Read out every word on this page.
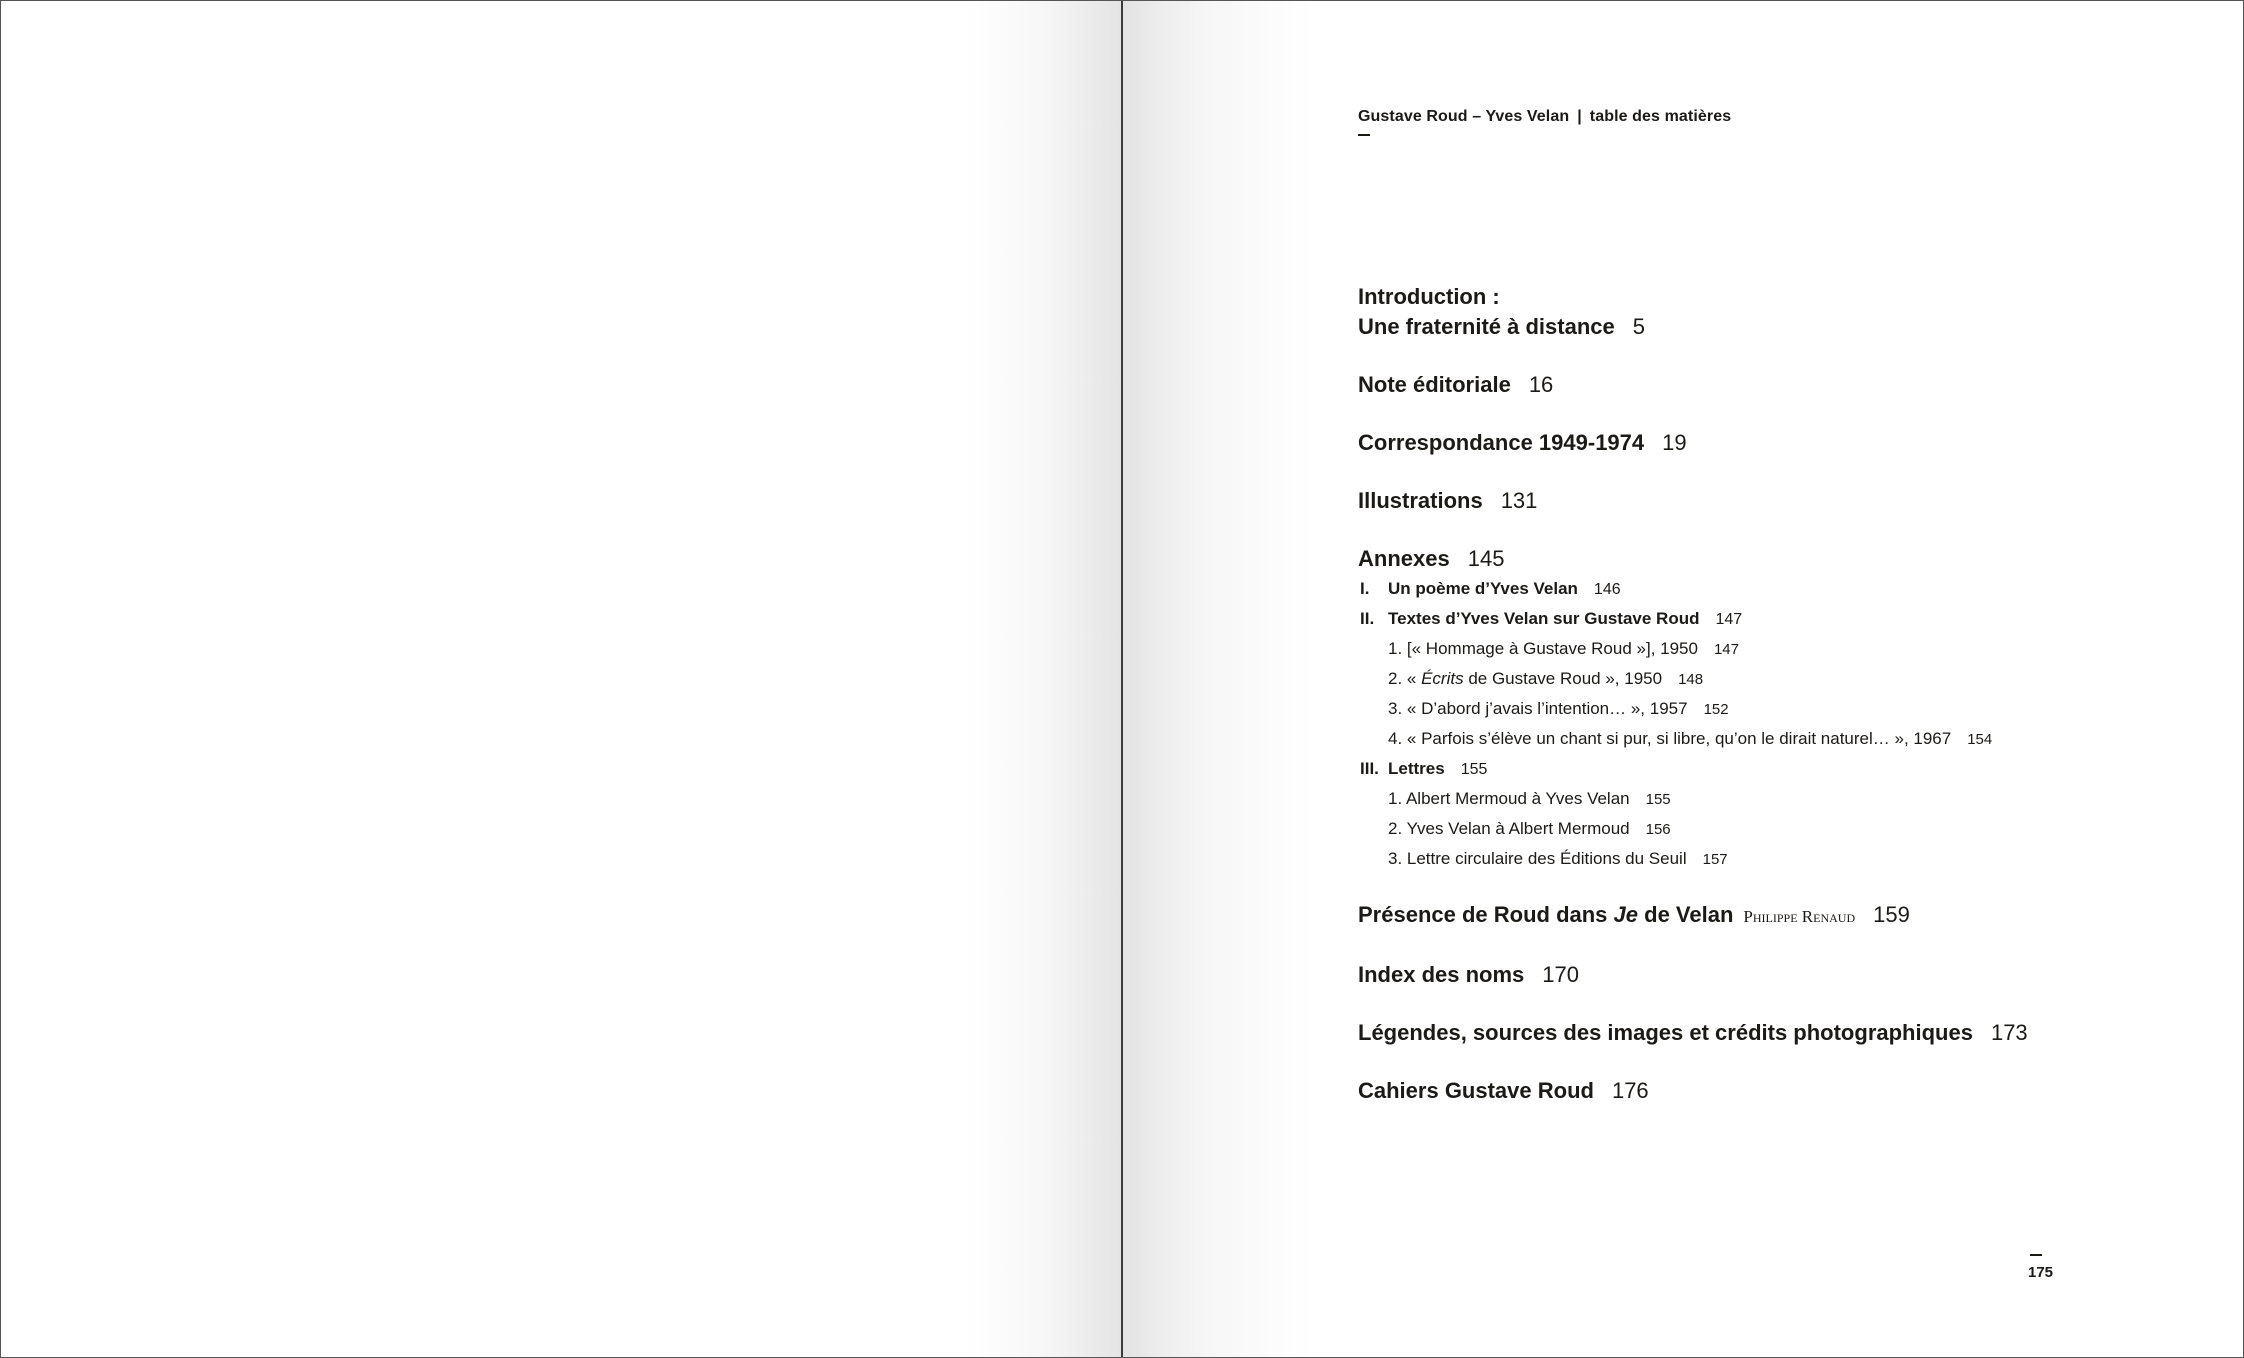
Gustave Roud – Yves Velan | table des matières
Introduction :
Une fraternité à distance 5
Note éditoriale 16
Correspondance 1949-1974 19
Illustrations 131
Annexes 145
I. Un poème d’Yves Velan 146
II. Textes d’Yves Velan sur Gustave Roud 147
1. [« Hommage à Gustave Roud »], 1950 147
2. « Écrits de Gustave Roud », 1950 148
3. « D’abord j’avais l’intention… », 1957 152
4. « Parfois s’élève un chant si pur, si libre, qu’on le dirait naturel… », 1967 154
III. Lettres 155
1. Albert Mermoud à Yves Velan 155
2. Yves Velan à Albert Mermoud 156
3. Lettre circulaire des Éditions du Seuil 157
Présence de Roud dans Je de Velan Philippe Renaud 159
Index des noms 170
Légendes, sources des images et crédits photographiques 173
Cahiers Gustave Roud 176
175
